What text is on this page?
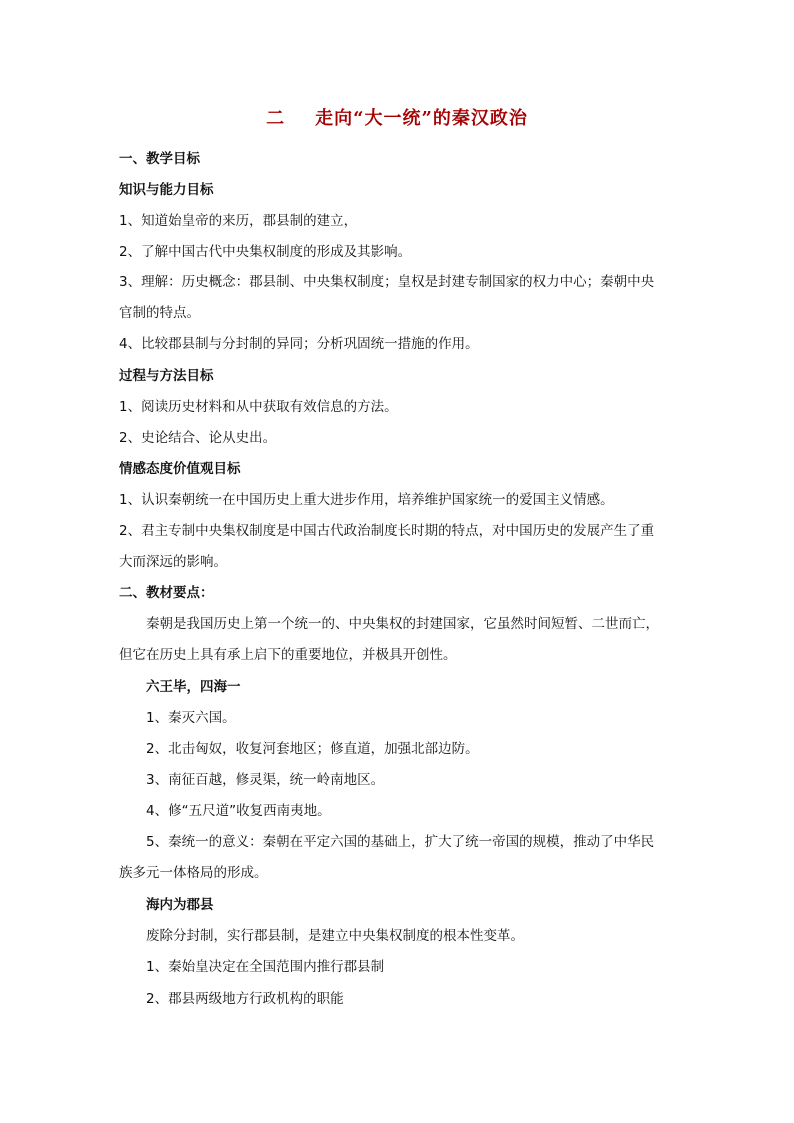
二 走向“大一统”的秦汉政治
一、教学目标
知识与能力目标
1、知道始皇帝的来历，郡县制的建立，
2、了解中国古代中央集权制度的形成及其影响。
3、理解：历史概念：郡县制、中央集权制度；皇权是封建专制国家的权力中心；秦朝中央
官制的特点。
4、比较郡县制与分封制的异同；分析巩固统一措施的作用。
过程与方法目标
1、阅读历史材料和从中获取有效信息的方法。
2、史论结合、论从史出。
情感态度价值观目标
1、认识秦朝统一在中国历史上重大进步作用，培养维护国家统一的爱国主义情感。
2、君主专制中央集权制度是中国古代政治制度长时期的特点，对中国历史的发展产生了重
大而深远的影响。
二、教材要点：
秦朝是我国历史上第一个统一的、中央集权的封建国家，它虽然时间短暂、二世而亡，
但它在历史上具有承上启下的重要地位，并极具开创性。
六王毕，四海一
1、秦灭六国。
2、北击匈奴，收复河套地区；修直道，加强北部边防。
3、南征百越，修灵渠，统一岭南地区。
4、修“五尺道”收复西南夷地。
5、秦统一的意义：秦朝在平定六国的基础上，扩大了统一帝国的规模，推动了中华民
族多元一体格局的形成。
海内为郡县
废除分封制，实行郡县制，是建立中央集权制度的根本性变革。
1、秦始皇决定在全国范围内推行郡县制
2、郡县两级地方行政机构的职能
